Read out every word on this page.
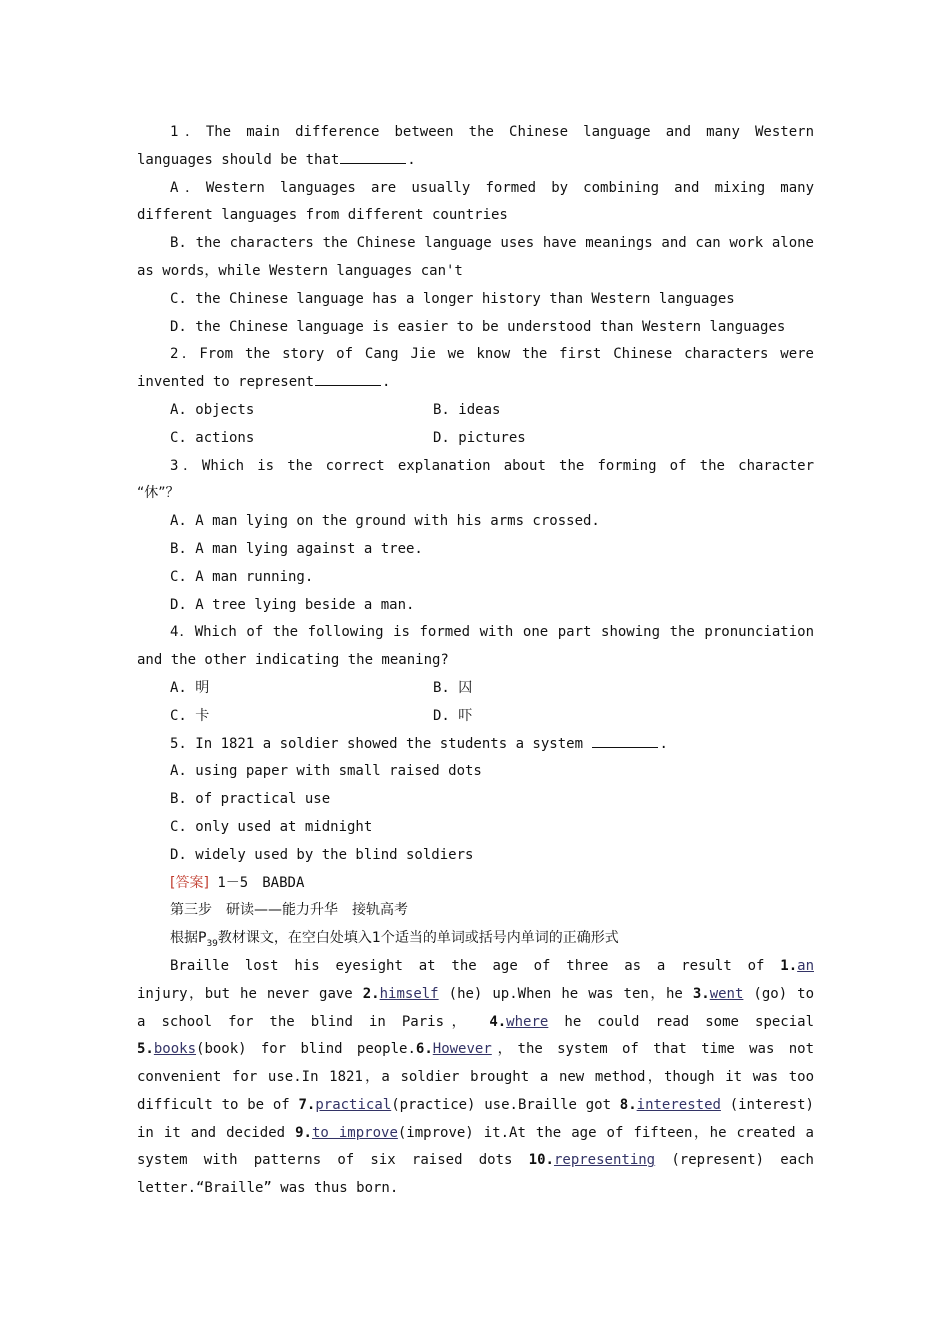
1．The main difference between the Chinese language and many Western
languages should be that	.
A．Western languages are usually formed by combining and mixing many
different languages from different countries
B. the characters the Chinese language uses have meanings and can work alone
as words，while Western languages can't
C. the Chinese language has a longer history than Western languages
D. the Chinese language is easier to be understood than Western languages
2．From the story of Cang Jie we know the first Chinese characters were
invented to represent	.
A. objects	B. ideas
C. actions	D. pictures
3．Which is the correct explanation about the forming of the character
“休”？
A. A man lying on the ground with his arms crossed.
B. A man lying against a tree.
C. A man running.
D. A tree lying beside a man.
4．Which of the following is formed with one part showing the pronunciation
and the other indicating the meaning?
A. 明	B. 囚
C. 卡	D. 吓
5. In 1821 a soldier showed the students a system	.
A. using paper with small raised dots
B. of practical use
C. only used at midnight
D. widely used by the blind soldiers
[答案] 1－5　BABDA
第三步　研读——能力升华　接轨高考
根据$P_{39}$教材课文，在空白处填入1个适当的单词或括号内单词的正确形式
Braille lost his eyesight at the age of three as a result of 1.an
injury，but he never gave 2.himself (he) up.When he was ten，he 3.went (go) to
a school for the blind in Paris， 4.where he could read some special
5.books(book) for blind people.6.However，the system of that time was not
convenient for use.In 1821，a soldier brought a new method，though it was too
difficult to be of 7.practical(practice) use.Braille got 8.interested (interest)
in it and decided 9.to improve(improve) it.At the age of fifteen，he created a
system with patterns of six raised dots 10.representing (represent) each
letter.“Braille” was thus born.
